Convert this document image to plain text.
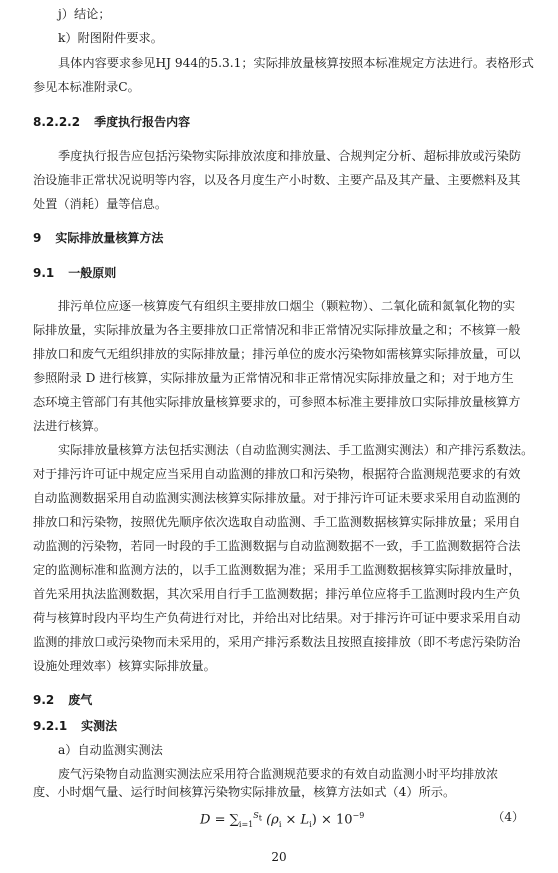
j）结论；
k）附图附件要求。
具体内容要求参见HJ 944的5.3.1；实际排放量核算按照本标准规定方法进行。表格形式
参见本标准附录C。
8.2.2.2 季度执行报告内容
季度执行报告应包括污染物实际排放浓度和排放量、合规判定分析、超标排放或污染防
治设施非正常状况说明等内容，以及各月度生产小时数、主要产品及其产量、主要燃料及其
处置（消耗）量等信息。
9 实际排放量核算方法
9.1 一般原则
排污单位应逐一核算废气有组织主要排放口烟尘（颗粒物）、二氧化硫和氮氧化物的实
际排放量，实际排放量为各主要排放口正常情况和非正常情况实际排放量之和；不核算一般
排放口和废气无组织排放的实际排放量；排污单位的废水污染物如需核算实际排放量，可以
参照附录 D 进行核算，实际排放量为正常情况和非正常情况实际排放量之和；对于地方生
态环境主管部门有其他实际排放量核算要求的，可参照本标准主要排放口实际排放量核算方
法进行核算。
实际排放量核算方法包括实测法（自动监测实测法、手工监测实测法）和产排污系数法。
对于排污许可证中规定应当采用自动监测的排放口和污染物，根据符合监测规范要求的有效
自动监测数据采用自动监测实测法核算实际排放量。对于排污许可证未要求采用自动监测的
排放口和污染物，按照优先顺序依次选取自动监测、手工监测数据核算实际排放量；采用自
动监测的污染物，若同一时段的手工监测数据与自动监测数据不一致，手工监测数据符合法
定的监测标准和监测方法的，以手工监测数据为准；采用手工监测数据核算实际排放量时，
首先采用执法监测数据，其次采用自行手工监测数据；排污单位应将手工监测时段内生产负
荷与核算时段内平均生产负荷进行对比，并给出对比结果。对于排污许可证中要求采用自动
监测的排放口或污染物而未采用的，采用产排污系数法且按照直接排放（即不考虑污染防治
设施处理效率）核算实际排放量。
9.2 废气
9.2.1 实测法
a）自动监测实测法
废气污染物自动监测实测法应采用符合监测规范要求的有效自动监测小时平均排放浓
$D = \sum_{i=1}^{S_t}$ $(\rho_i \times L_i) \times 10^{-9}$	（4）
20
度、小时烟气量、运行时间核算污染物实际排放量，核算方法如式（4）所示。
